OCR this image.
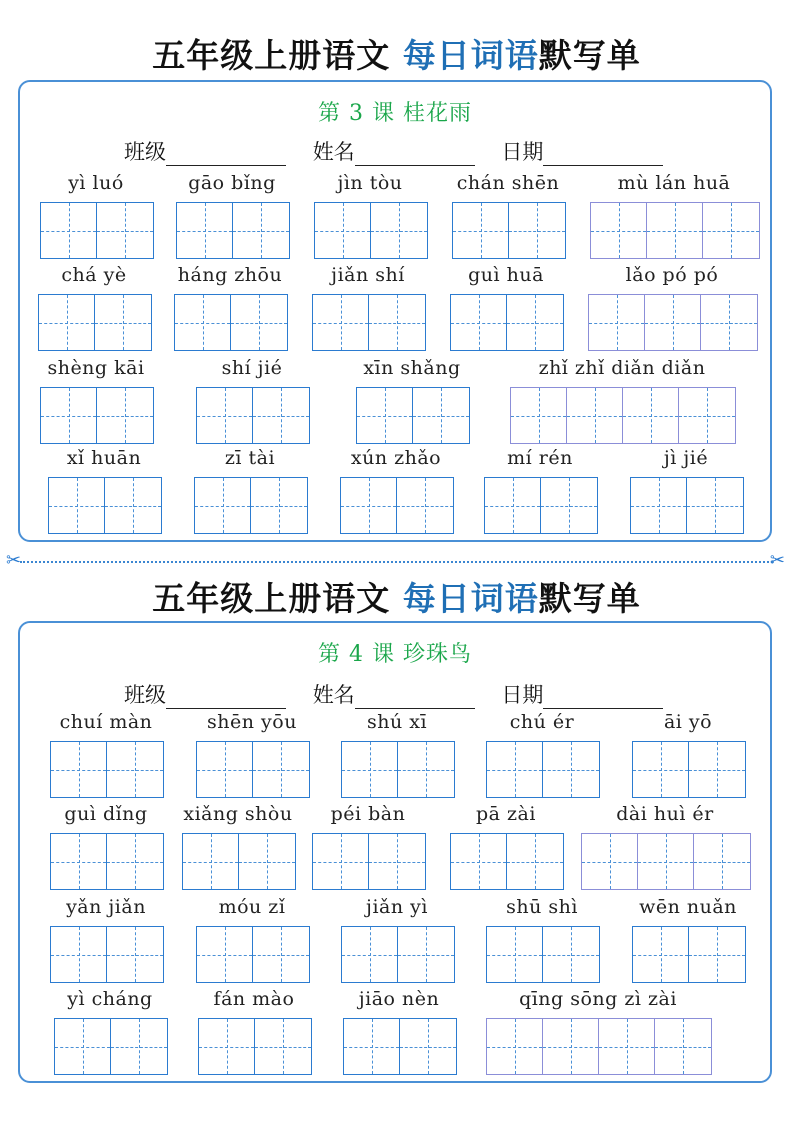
五年级上册语文 每日词语默写单
第 3 课 桂花雨
班级	姓名	日期
yì luó	gāo bǐng	jìn tòu	chán shēn	mù lán huā
chá yè	háng zhōu	jiǎn shí	guì huā	lǎo pó pó
shèng kāi	shí jié	xīn shǎng	zhǐ zhǐ diǎn diǎn
xǐ huān	zī tài	xún zhǎo	mí rén	jì jié
✂	✂
五年级上册语文 每日词语默写单
第 4 课 珍珠鸟
班级	姓名	日期
chuí màn	shēn yōu	shú xī	chú ér	āi yō
guì dǐng	xiǎng shòu	péi bàn	pā zài	dài huì ér
yǎn jiǎn	móu zǐ	jiǎn yì	shū shì	wēn nuǎn
yì cháng	fán mào	jiāo nèn	qīng sōng zì zài
